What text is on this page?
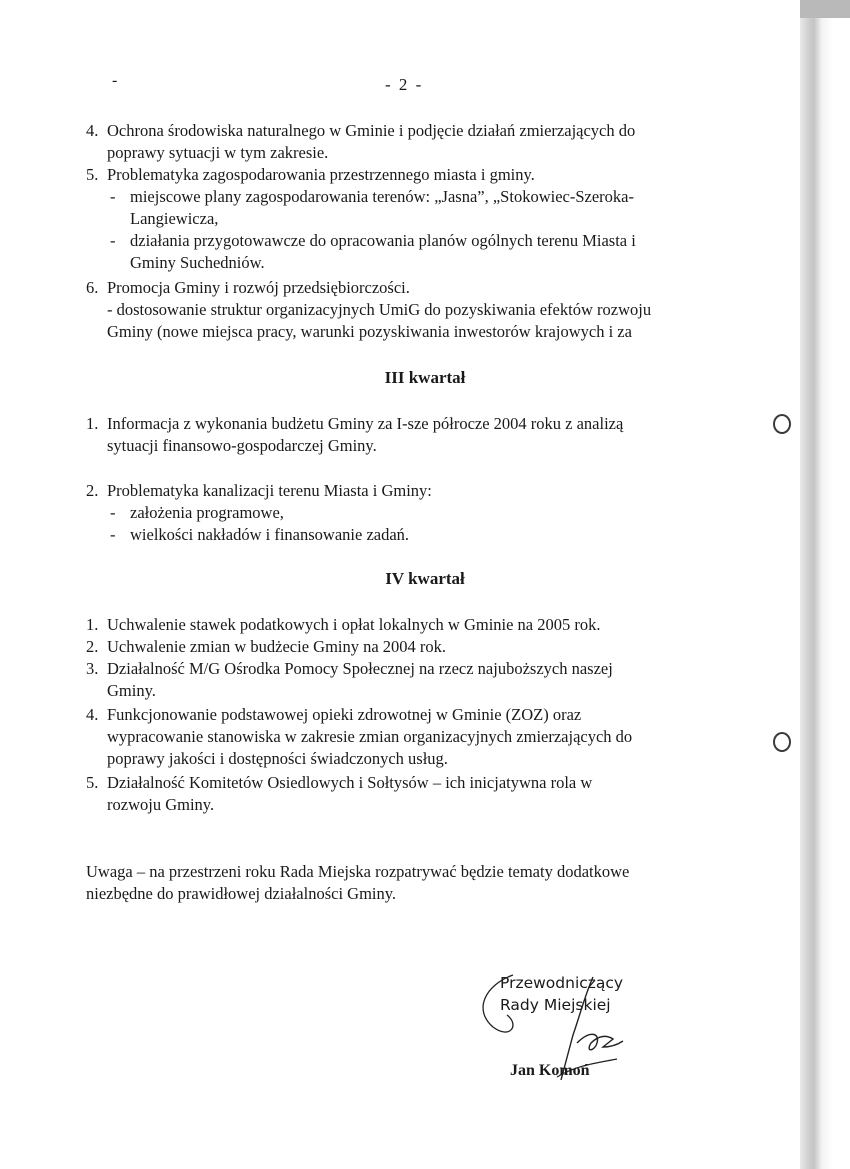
-	- 2 -
4. Ochrona środowiska naturalnego w Gminie i podjęcie działań zmierzających do
poprawy sytuacji w tym zakresie.
5. Problematyka zagospodarowania przestrzennego miasta i gminy.
- miejscowe plany zagospodarowania terenów: „Jasna”, „Stokowiec-Szeroka-
Langiewicza,
- działania przygotowawcze do opracowania planów ogólnych terenu Miasta i
Gminy Suchedniów.
6. Promocja Gminy i rozwój przedsiębiorczości.
- dostosowanie struktur organizacyjnych UmiG do pozyskiwania efektów rozwoju
Gminy (nowe miejsca pracy, warunki pozyskiwania inwestorów krajowych i za
III kwartał
1. Informacja z wykonania budżetu Gminy za I-sze półrocze 2004 roku z analizą
sytuacji finansowo-gospodarczej Gminy.
2. Problematyka kanalizacji terenu Miasta i Gminy:
- założenia programowe,
- wielkości nakładów i finansowanie zadań.
IV kwartał
1. Uchwalenie stawek podatkowych i opłat lokalnych w Gminie na 2005 rok.
2. Uchwalenie zmian w budżecie Gminy na 2004 rok.
3. Działalność M/G Ośrodka Pomocy Społecznej na rzecz najuboższych naszej
Gminy.
4. Funkcjonowanie podstawowej opieki zdrowotnej w Gminie (ZOZ) oraz
wypracowanie stanowiska w zakresie zmian organizacyjnych zmierzających do
poprawy jakości i dostępności świadczonych usług.
5. Działalność Komitetów Osiedlowych i Sołtysów – ich inicjatywna rola w
rozwoju Gminy.
Uwaga – na przestrzeni roku Rada Miejska rozpatrywać będzie tematy dodatkowe
niezbędne do prawidłowej działalności Gminy.
Przewodniczący
Rady Miejskiej
Jan Komoń
